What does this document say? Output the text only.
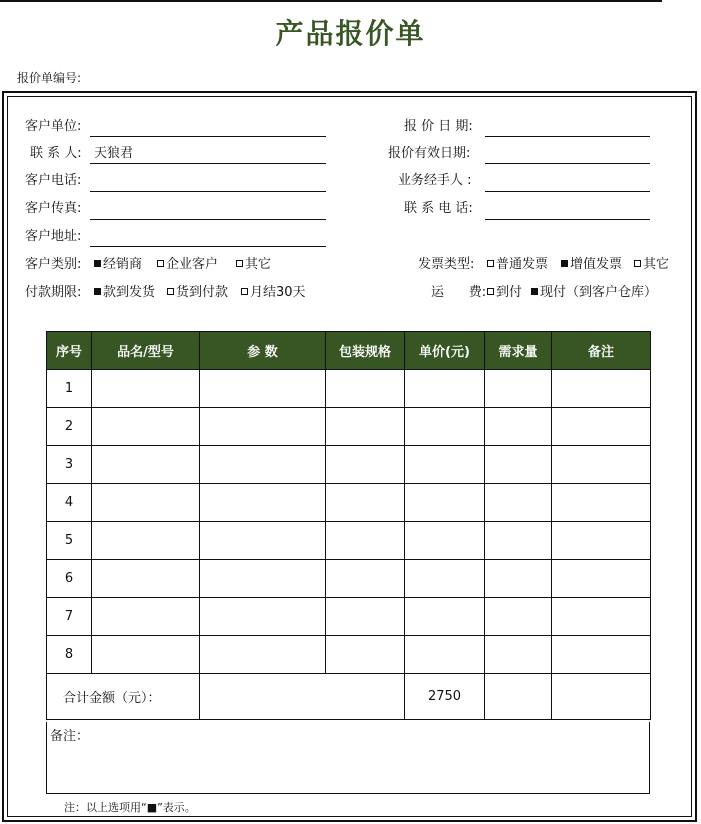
产品报价单
报价单编号:
客户单位:
联 系 人: 天狼君
客户电话:
客户传真:
客户地址:
报 价 日 期:
报价有效日期:
业务经手人 :
联 系 电 话:
客户类别:	经销商	企业客户	其它	发票类型:	普通发票	增值发票	其它
付款期限:	款到发货	货到付款	月结30天	运      费: 到付	现付（到客户仓库）
序号	品名/型号	参 数	包装规格	单价(元)	需求量	备注
1						
2						
3						
4						
5						
6						
7						
8						
合计金额（元）：				2750		
备注：
注：以上选项用“■”表示。
